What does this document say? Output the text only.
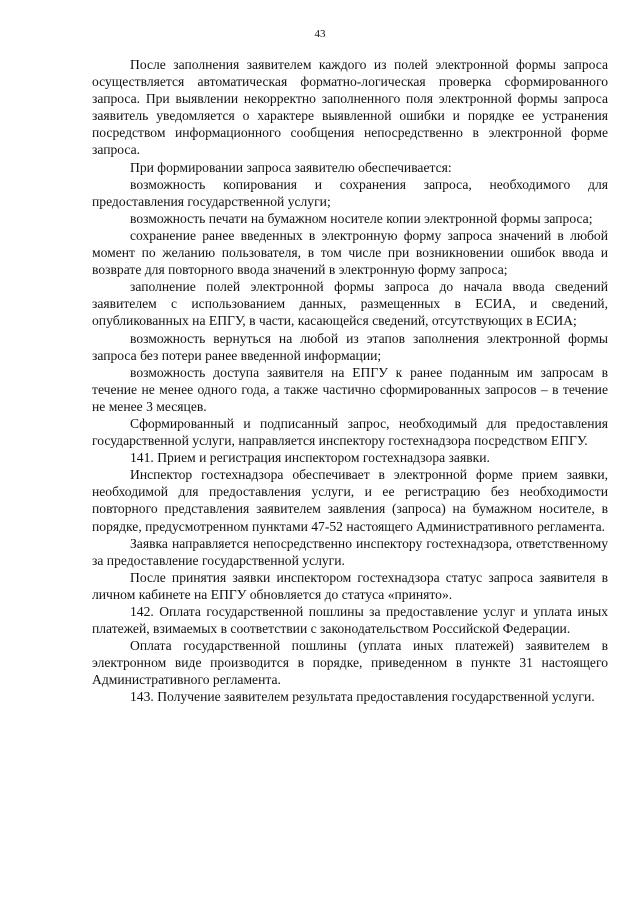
43

После заполнения заявителем каждого из полей электронной формы запроса осуществляется автоматическая форматно-логическая проверка сформированного запроса. При выявлении некорректно заполненного поля электронной формы запроса заявитель уведомляется о характере выявленной ошибки и порядке ее устранения посредством информационного сообщения непосредственно в электронной форме запроса.

При формировании запроса заявителю обеспечивается:

возможность копирования и сохранения запроса, необходимого для предоставления государственной услуги;

возможность печати на бумажном носителе копии электронной формы запроса;

сохранение ранее введенных в электронную форму запроса значений в любой момент по желанию пользователя, в том числе при возникновении ошибок ввода и возврате для повторного ввода значений в электронную форму запроса;

заполнение полей электронной формы запроса до начала ввода сведений заявителем с использованием данных, размещенных в ЕСИА, и сведений, опубликованных на ЕПГУ, в части, касающейся сведений, отсутствующих в ЕСИА;

возможность вернуться на любой из этапов заполнения электронной формы запроса без потери ранее введенной информации;

возможность доступа заявителя на ЕПГУ к ранее поданным им запросам в течение не менее одного года, а также частично сформированных запросов – в течение не менее 3 месяцев.

Сформированный и подписанный запрос, необходимый для предоставления государственной услуги, направляется инспектору гостехнадзора посредством ЕПГУ.

141. Прием и регистрация инспектором гостехнадзора заявки.

Инспектор гостехнадзора обеспечивает в электронной форме прием заявки, необходимой для предоставления услуги, и ее регистрацию без необходимости повторного представления заявителем заявления (запроса) на бумажном носителе, в порядке, предусмотренном пунктами 47-52 настоящего Административного регламента.

Заявка направляется непосредственно инспектору гостехнадзора, ответственному за предоставление государственной услуги.

После принятия заявки инспектором гостехнадзора статус запроса заявителя в личном кабинете на ЕПГУ обновляется до статуса «принято».

142. Оплата государственной пошлины за предоставление услуг и уплата иных платежей, взимаемых в соответствии с законодательством Российской Федерации.

Оплата государственной пошлины (уплата иных платежей) заявителем в электронном виде производится в порядке, приведенном в пункте 31 настоящего Административного регламента.

143. Получение заявителем результата предоставления государственной услуги.
